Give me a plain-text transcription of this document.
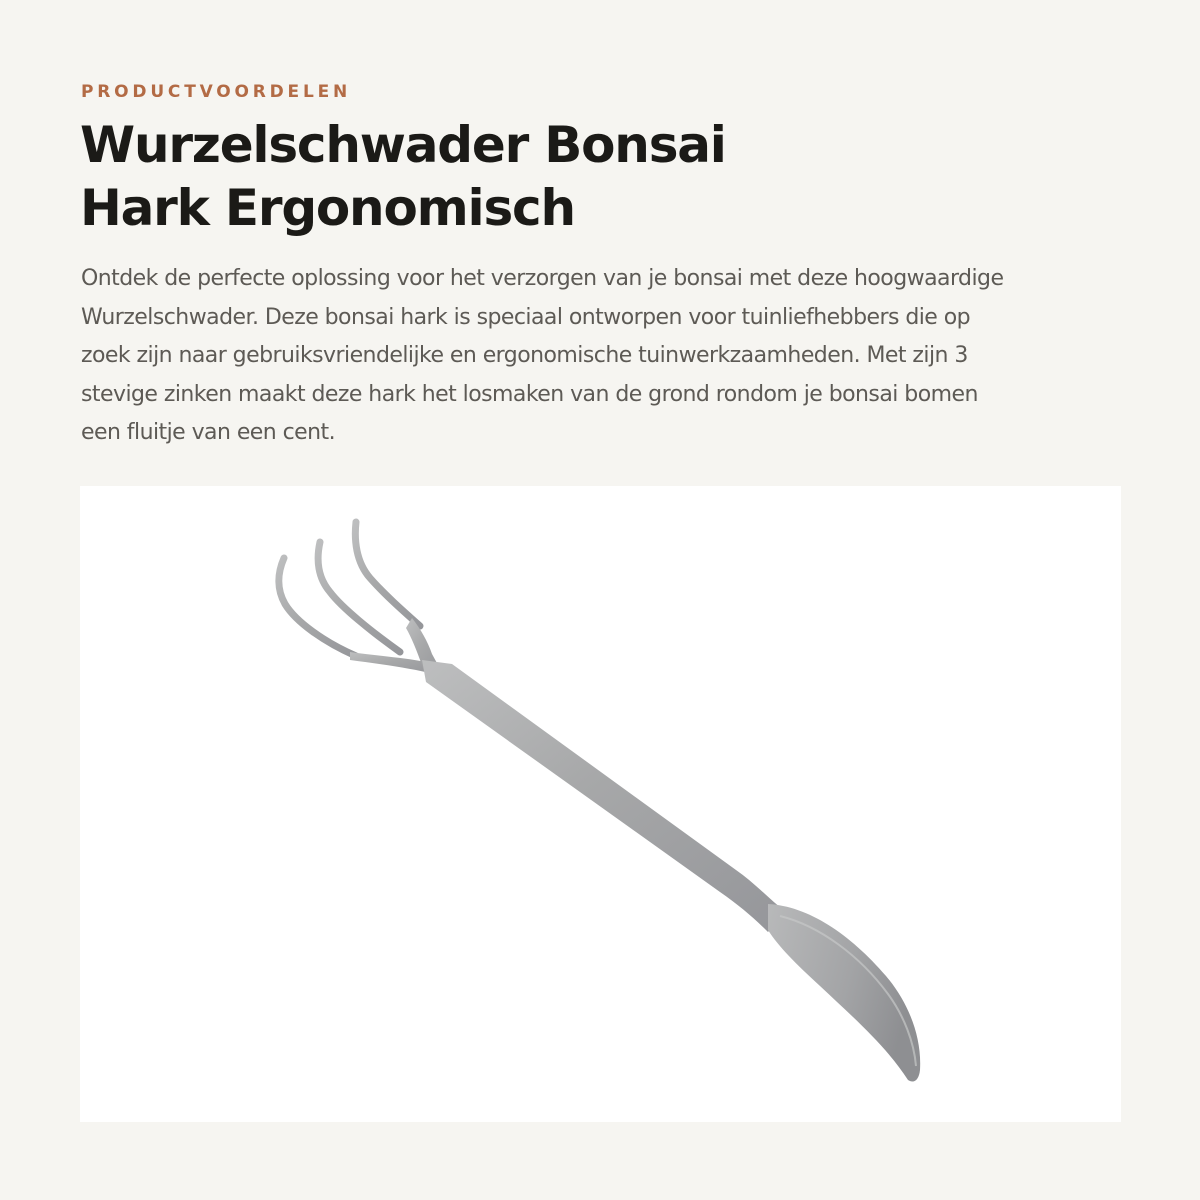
PRODUCTVOORDELEN
Wurzelschwader Bonsai
Hark Ergonomisch
Ontdek de perfecte oplossing voor het verzorgen van je bonsai met deze hoogwaardige
Wurzelschwader. Deze bonsai hark is speciaal ontworpen voor tuinliefhebbers die op
zoek zijn naar gebruiksvriendelijke en ergonomische tuinwerkzaamheden. Met zijn 3
stevige zinken maakt deze hark het losmaken van de grond rondom je bonsai bomen
een fluitje van een cent.
